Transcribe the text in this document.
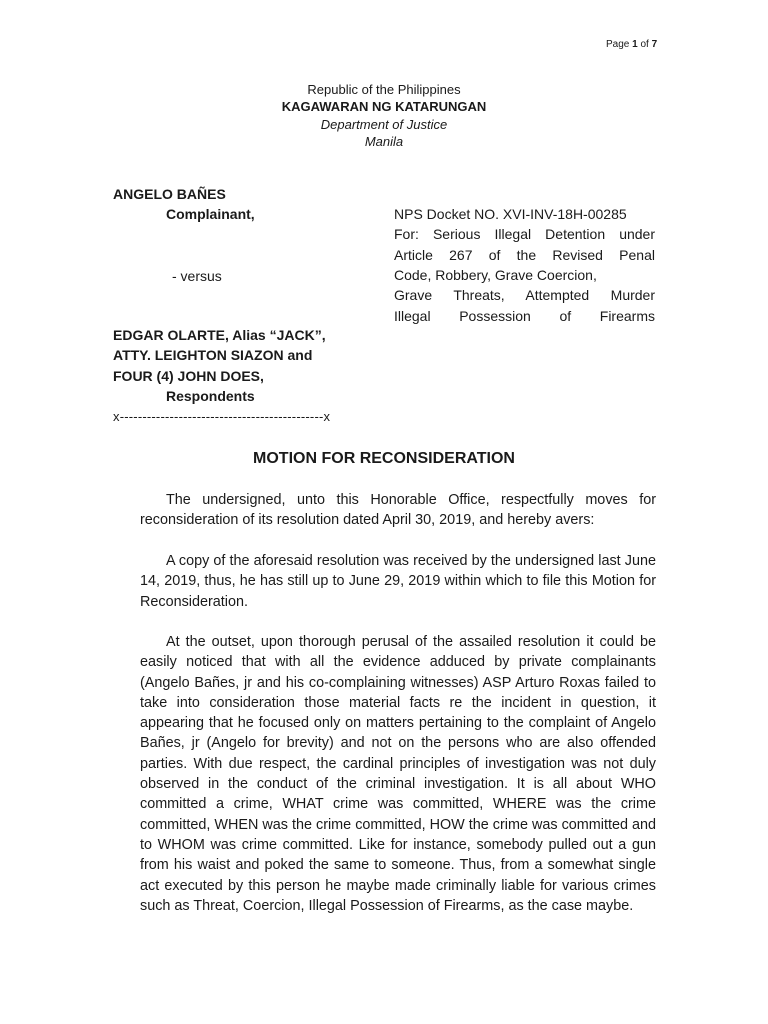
Page 1 of 7
Republic of the Philippines
KAGAWARAN NG KATARUNGAN
Department of Justice
Manila
ANGELO BAÑES
Complainant,
- versus
EDGAR OLARTE, Alias “JACK”,
ATTY. LEIGHTON SIAZON and
FOUR (4) JOHN DOES,
Respondents
x---------------------------------------------x
NPS Docket NO. XVI-INV-18H-00285
For: Serious Illegal Detention under
Article 267 of the Revised Penal
Code, Robbery, Grave Coercion,
Grave Threats, Attempted Murder
Illegal Possession of Firearms
MOTION FOR RECONSIDERATION

The undersigned, unto this Honorable Office, respectfully moves for reconsideration of its resolution dated April 30, 2019, and hereby avers:

A copy of the aforesaid resolution was received by the undersigned last June 14, 2019, thus, he has still up to June 29, 2019 within which to file this Motion for Reconsideration.

At the outset, upon thorough perusal of the assailed resolution it could be easily noticed that with all the evidence adduced by private complainants (Angelo Bañes, jr and his co-complaining witnesses) ASP Arturo Roxas failed to take into consideration those material facts re the incident in question, it appearing that he focused only on matters pertaining to the complaint of Angelo Bañes, jr (Angelo for brevity) and not on the persons who are also offended parties. With due respect, the cardinal principles of investigation was not duly observed in the conduct of the criminal investigation. It is all about WHO committed a crime, WHAT crime was committed, WHERE was the crime committed, WHEN was the crime committed, HOW the crime was committed and to WHOM was crime committed. Like for instance, somebody pulled out a gun from his waist and poked the same to someone. Thus, from a somewhat single act executed by this person he maybe made criminally liable for various crimes such as Threat, Coercion, Illegal Possession of Firearms, as the case maybe.
